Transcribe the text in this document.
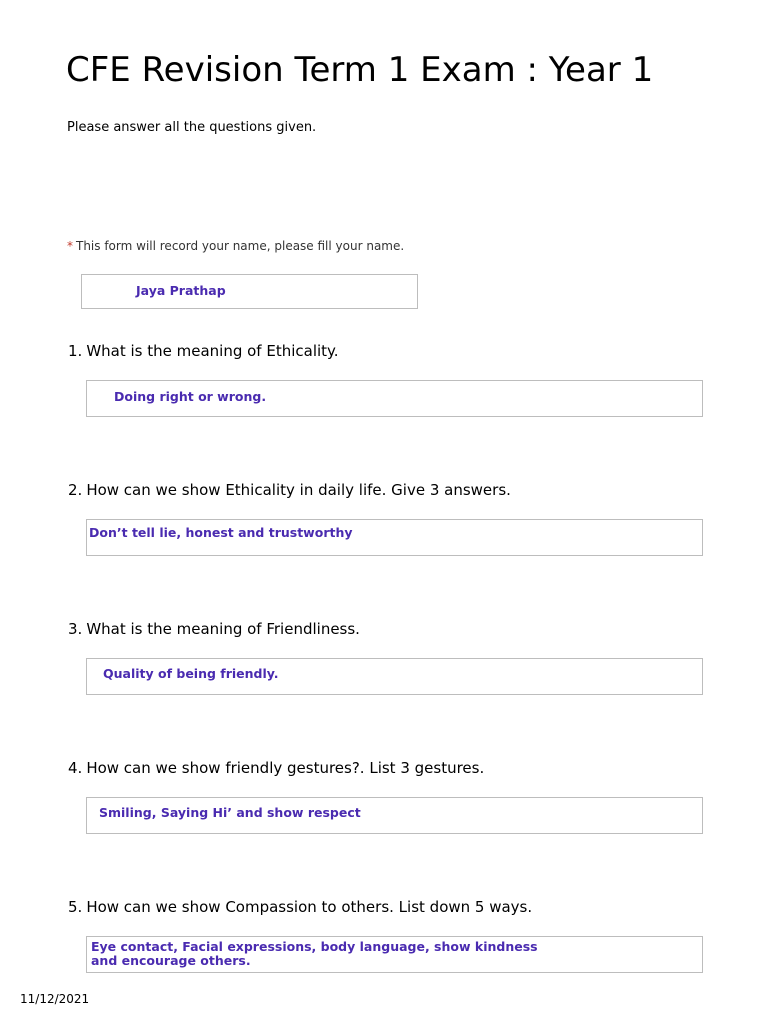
CFE Revision Term 1 Exam : Year 1
Please answer all the questions given.
* This form will record your name, please fill your name.
Jaya Prathap
1. What is the meaning of Ethicality.
Doing right or wrong.
2. How can we show Ethicality in daily life. Give 3 answers.
Don’t tell lie, honest and trustworthy
3. What is the meaning of Friendliness.
Quality of being friendly.
4. How can we show friendly gestures?. List 3 gestures.
Smiling, Saying Hi’ and show respect
5. How can we show Compassion to others. List down 5 ways.
Eye contact, Facial expressions, body language, show kindness
and encourage others.
11/12/2021
